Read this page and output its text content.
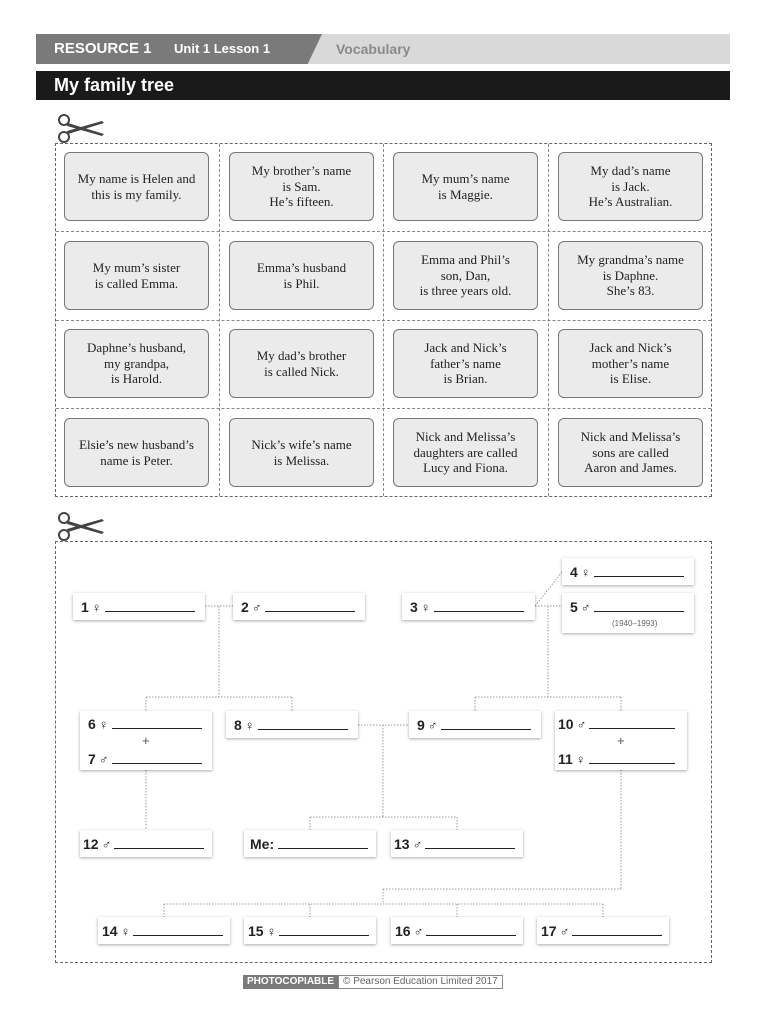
RESOURCE 1 Unit 1 Lesson 1	Vocabulary
My family tree
My name is Helen and
this is my family.
My brother’s name
is Sam.
He’s fifteen.
My mum’s name
is Maggie.
My dad’s name
is Jack.
He’s Australian.
My mum’s sister
is called Emma.
Emma’s husband
is Phil.
Emma and Phil’s
son, Dan,
is three years old.
My grandma’s name
is Daphne.
She’s 83.
Daphne’s husband,
my grandpa,
is Harold.
My dad’s brother
is called Nick.
Jack and Nick’s
father’s name
is Brian.
Jack and Nick’s
mother’s name
is Elise.
Elsie’s new husband’s
name is Peter.
Nick’s wife’s name
is Melissa.
Nick and Melissa’s
daughters are called
Lucy and Fiona.
Nick and Melissa’s
sons are called
Aaron and James.
1 ♀	2 ♂	3 ♀
4 ♀
5 ♂
(1940–1993)
6 ♀
+
7 ♂
8 ♀	9 ♂	10 ♂
+
11 ♀
12 ♂	Me:	13 ♂
14 ♀	15 ♀	16 ♂	17 ♂
PHOTOCOPIABLE © Pearson Education Limited 2017
